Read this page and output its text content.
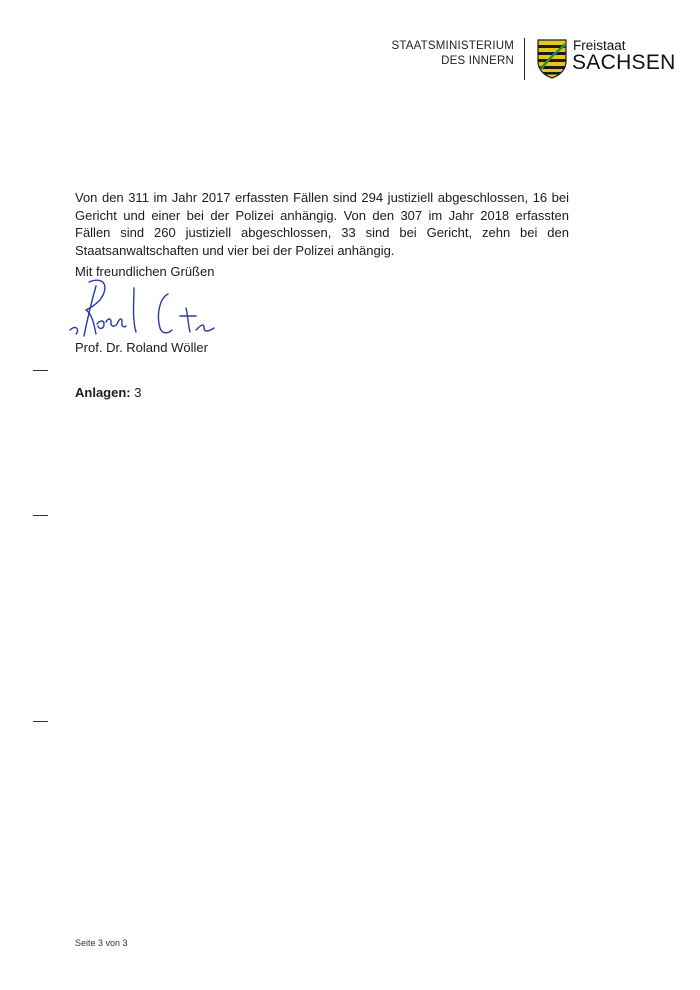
STAATSMINISTERIUM
DES INNERN
Freistaat
SACHSEN

Von den 311 im Jahr 2017 erfassten Fällen sind 294 justiziell abgeschlossen, 16 bei Gericht und einer bei der Polizei anhängig. Von den 307 im Jahr 2018 erfassten Fällen sind 260 justiziell abgeschlossen, 33 sind bei Gericht, zehn bei den Staatsanwaltschaften und vier bei der Polizei anhängig.

Mit freundlichen Grüßen
Prof. Dr. Roland Wöller
Anlagen: 3
Seite 3 von 3
